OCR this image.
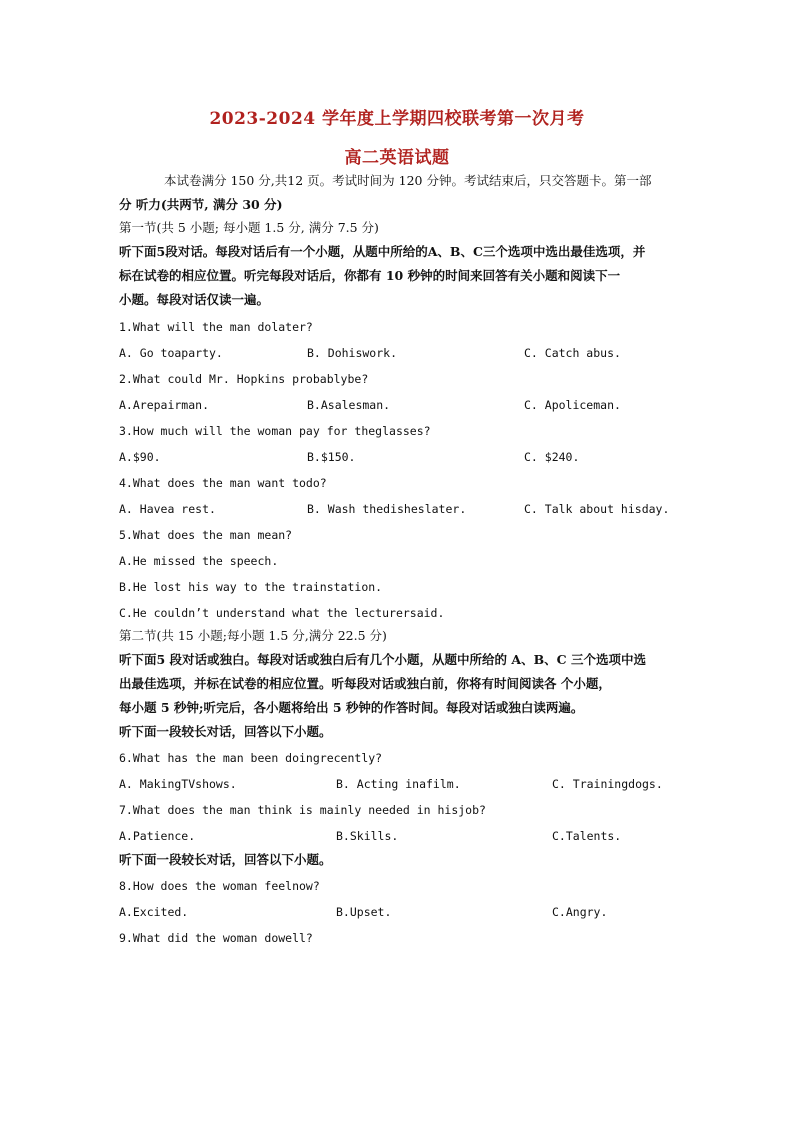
2023-2024 学年度上学期四校联考第一次月考
高二英语试题
本试卷满分 150 分,共12 页。考试时间为 120 分钟。考试结束后，只交答题卡。第一部
分 听力(共两节, 满分 30 分)
第一节(共 5 小题; 每小题 1.5 分, 满分 7.5 分)
听下面5段对话。每段对话后有一个小题，从题中所给的A、B、C三个选项中选出最佳选项，并
标在试卷的相应位置。听完每段对话后，你都有 10 秒钟的时间来回答有关小题和阅读下一
小题。每段对话仅读一遍。
1.What will the man dolater?
A. Go toaparty.	B. Dohiswork.	C. Catch abus.
2.What could Mr. Hopkins probablybe?
A.Arepairman.	B.Asalesman.	C. Apoliceman.
3.How much will the woman pay for theglasses?
A.$90.	B.$150.	C. $240.
4.What does the man want todo?
A. Havea rest.	B. Wash thedisheslater.	C. Talk about hisday.
5.What does the man mean?
A.He missed the speech.
B.He lost his way to the trainstation.
C.He couldn’t understand what the lecturersaid.
第二节(共 15 小题;每小题 1.5 分,满分 22.5 分)
听下面5 段对话或独白。每段对话或独白后有几个小题，从题中所给的 A、B、C 三个选项中选
出最佳选项，并标在试卷的相应位置。听每段对话或独白前，你将有时间阅读各 个小题，
每小题 5 秒钟;听完后，各小题将给出 5 秒钟的作答时间。每段对话或独白读两遍。
听下面一段较长对话，回答以下小题。
6.What has the man been doingrecently?
A. MakingTVshows.	B. Acting inafilm.	C. Trainingdogs.
7.What does the man think is mainly needed in hisjob?
A.Patience.	B.Skills.	C.Talents.
听下面一段较长对话，回答以下小题。
8.How does the woman feelnow?
A.Excited.	B.Upset.	C.Angry.
9.What did the woman dowell?
